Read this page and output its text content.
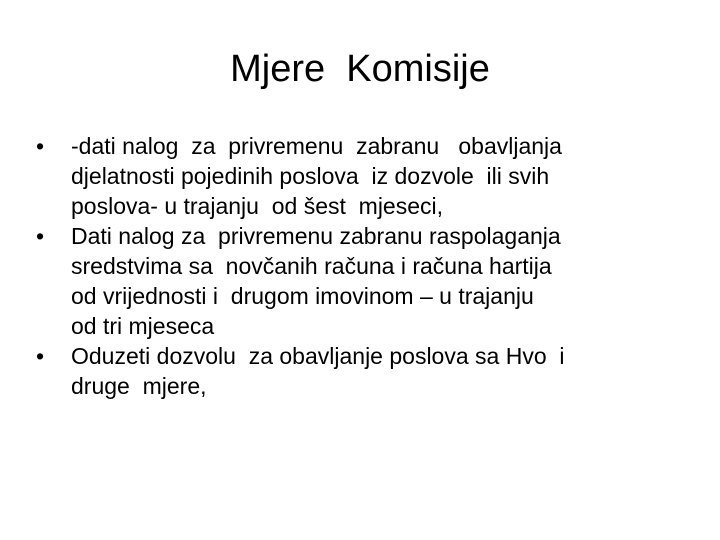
Mjere  Komisije
•	-dati nalog  za  privremenu  zabranu   obavljanja
djelatnosti pojedinih poslova  iz dozvole  ili svih
poslova- u trajanju  od šest  mjeseci,
•	Dati nalog za  privremenu zabranu raspolaganja
sredstvima sa  novčanih računa i računa hartija
od vrijednosti i  drugom imovinom – u trajanju
od tri mjeseca
•	Oduzeti dozvolu  za obavljanje poslova sa Hvo  i
druge  mjere,
